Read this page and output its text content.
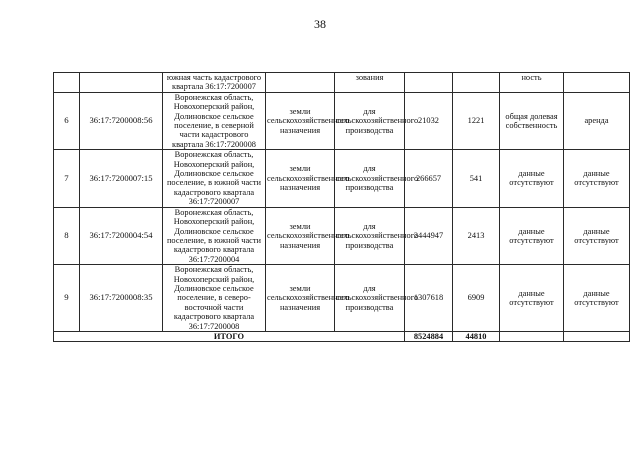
38
		южная часть кадастрового квартала 36:17:7200007		зования			ность	
6	36:17:7200008:56	Воронежская область, Новохоперский район, Долиновское сельское поселение, в северной части кадастрового квартала 36:17:7200008	земли сельскохозяйственного назначения	для сельскохозяйственного производства	21032	1221	общая долевая собственность	аренда
7	36:17:7200007:15	Воронежская область, Новохоперский район, Долиновское сельское поселение, в южной части кадастрового квартала 36:17:7200007	земли сельскохозяйственного назначения	для сельскохозяйственного производства	266657	541	данные отсутствуют	данные отсутствуют
8	36:17:7200004:54	Воронежская область, Новохоперский район, Долиновское сельское поселение, в южной части кадастрового квартала 36:17:7200004	земли сельскохозяйственного назначения	для сельскохозяйственного производства	2444947	2413	данные отсутствуют	данные отсутствуют
9	36:17:7200008:35	Воронежская область, Новохоперский район, Долиновское сельское поселение, в северо-восточной части кадастрового квартала 36:17:7200008	земли сельскохозяйственного назначения	для сельскохозяйственного производства	1307618	6909	данные отсутствуют	данные отсутствуют
ИТОГО					8524884	44810		
